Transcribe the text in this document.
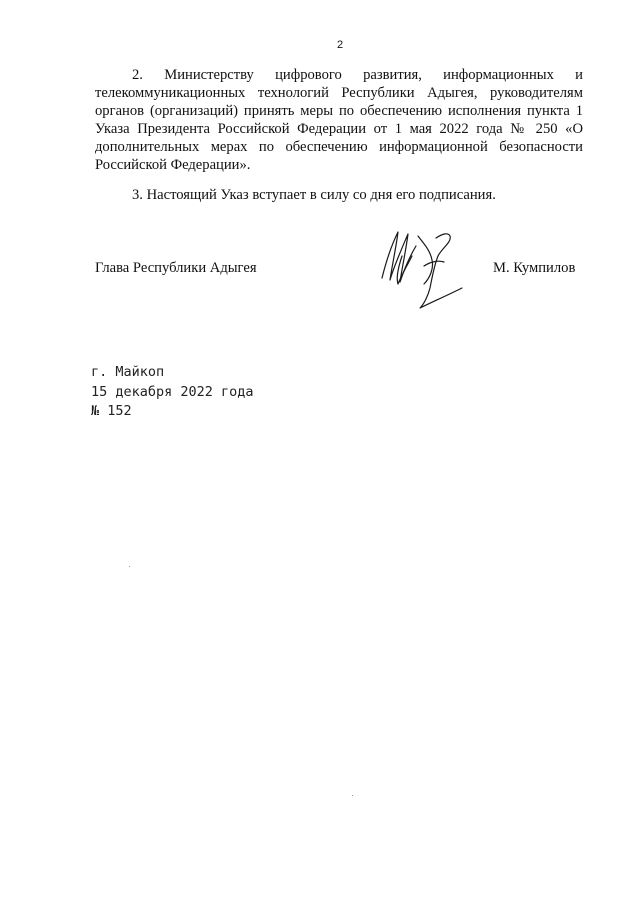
2

2. Министерству цифрового развития, информационных и телекоммуникационных технологий Республики Адыгея, руководителям органов (организаций) принять меры по обеспечению исполнения пункта 1 Указа Президента Российской Федерации от 1 мая 2022 года № 250 «О дополнительных мерах по обеспечению информационной безопасности Российской Федерации».

3. Настоящий Указ вступает в силу со дня его подписания.

Глава Республики Адыгея	М. Кумпилов
г. Майкоп
15 декабря 2022 года
№ 152
